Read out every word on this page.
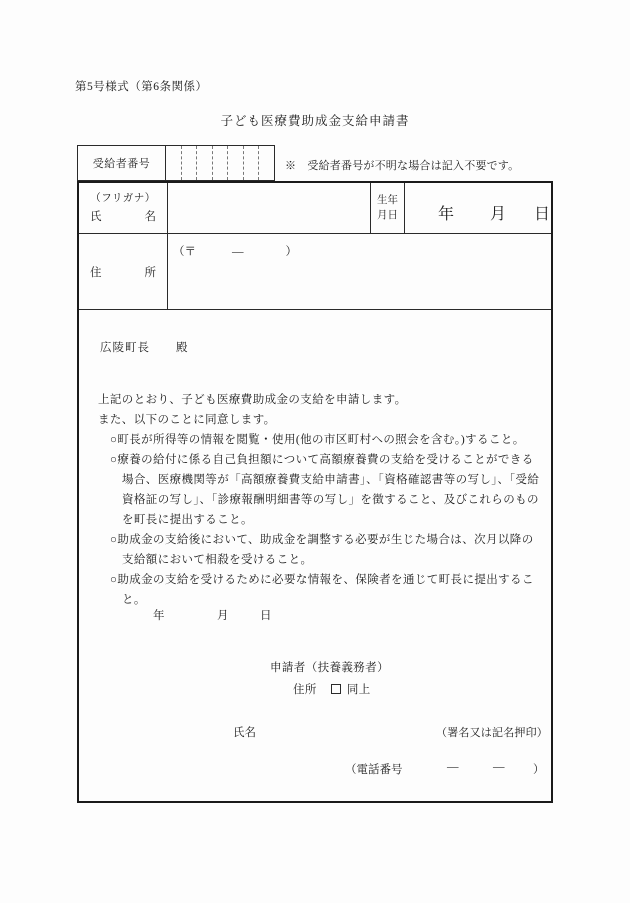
第5号様式（第6条関係）
子ども医療費助成金支給申請書
受給者番号	※　受給者番号が不明な場合は記入不要です。
（フリガナ）
氏	名
生年
月日	年 月 日
住	所
（〒	―	）
広陵町長 殿
上記のとおり、子ども医療費助成金の支給を申請します。
また、以下のことに同意します。
○町長が所得等の情報を閲覧・使用(他の市区町村への照会を含む。)すること。
○療養の給付に係る自己負担額について高額療養費の支給を受けることができる
場合、医療機関等が「高額療養費支給申請書」、「資格確認書等の写し」、「受給
資格証の写し」、「診療報酬明細書等の写し」を徴すること、及びこれらのもの
を町長に提出すること。
○助成金の支給後において、助成金を調整する必要が生じた場合は、次月以降の
支給額において相殺を受けること。
○助成金の支給を受けるために必要な情報を、保険者を通じて町長に提出するこ
と。
年	月	日
申請者（扶養義務者）
住所	同上
氏名	（署名又は記名押印）
（電話番号	―	― ）
